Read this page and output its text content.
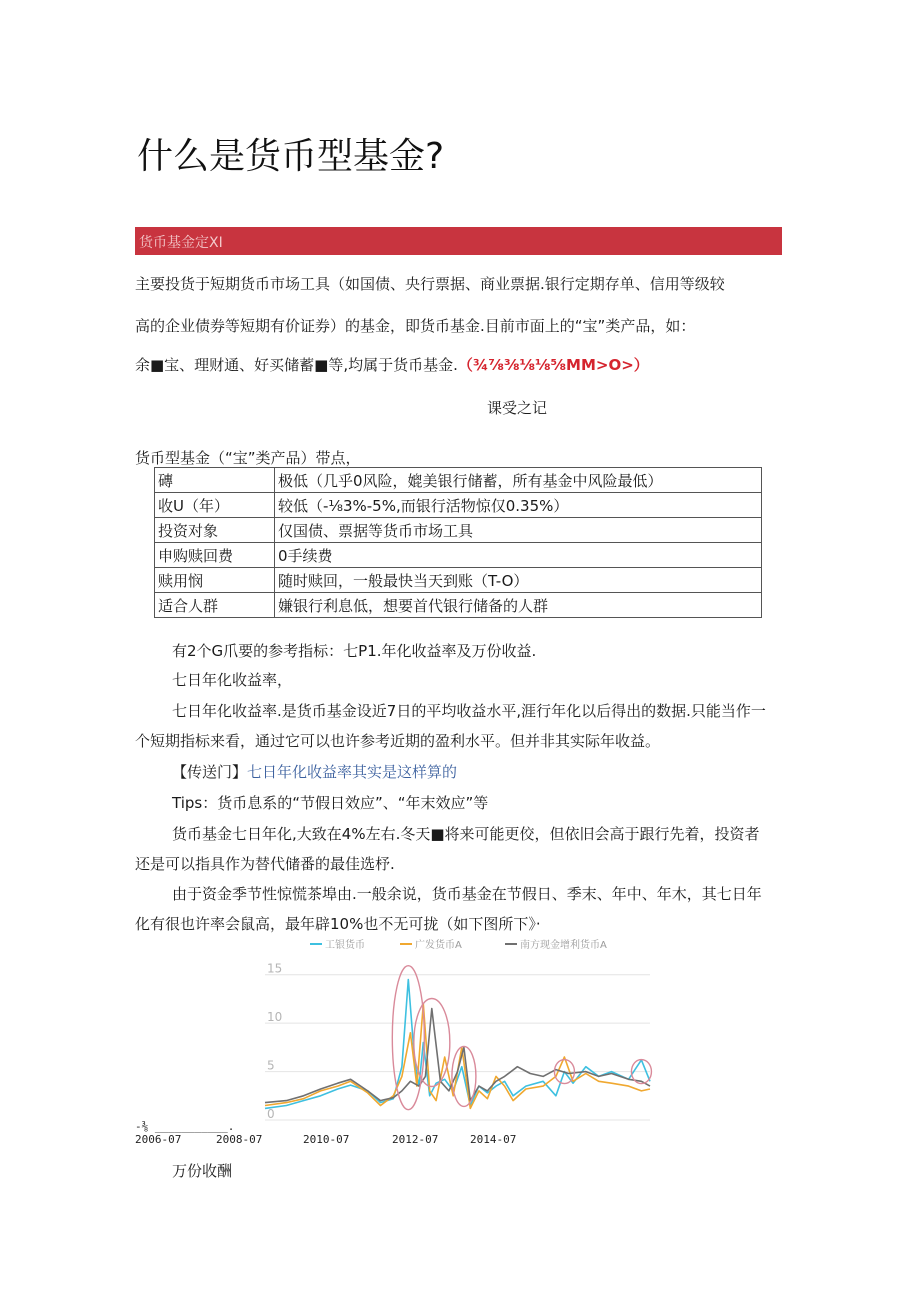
什么是货币型基金?
货币基金定XI
主要投货于短期货币市场工具（如国债、央行票据、商业票据.银行定期存单、信用等级较
高的企业债券等短期有价证券）的基金，即货币基金.目前市面上的“宝”类产品，如：
余■宝、理财通、好买储蓄■等,均属于货币基金.（¾⅞⅜⅛⅛⅝MM>O>）
课受之记
货币型基金（“宝”类产品）带点，
磚	极低（几乎0风险，媲美银行储蓄，所有基金中风险最低）
收U（年）	较低（-⅛3%-5%,而银行活物惊仅0.35%）
投资对象	仅国债、票据等货币市场工具
申购赎回费	0手续费
赎用悯	随时赎回，一般最快当天到账（T-O）
适合人群	嫌银行利息低，想要首代银行储备的人群
有2个G爪要的参考指标：七P1.年化收益率及万份收益.
七日年化收益率，
七日年化收益率.是货币基金设近7日的平均收益水平,涯行年化以后得出的数据.只能当作一
个短期指标来看，通过它可以也许参考近期的盈利水平。但并非其实际年收益。
【传送门】七日年化收益率其实是这样算的
Tips：货币息系的“节假日效应”、“年末效应”等
货币基金七日年化,大致在4%左右.冬天■将来可能更佼，但依旧会高于跟行先着，投资者
还是可以指具作为替代储番的最佳选杼.
由于资金季节性惊慌茶埠由.一般余说，货币基金在节假日、季末、年中、年木，其七日年
化有很也许率会鼠高，最年辟10%也不无可拢（如下图所下》·
15
10
5
0
工银货币	广发货币A	南方现金增利货币A
-⅜ ___________.
2006-07	2008-07	2010-07	2012-07	2014-07
万份收酬
